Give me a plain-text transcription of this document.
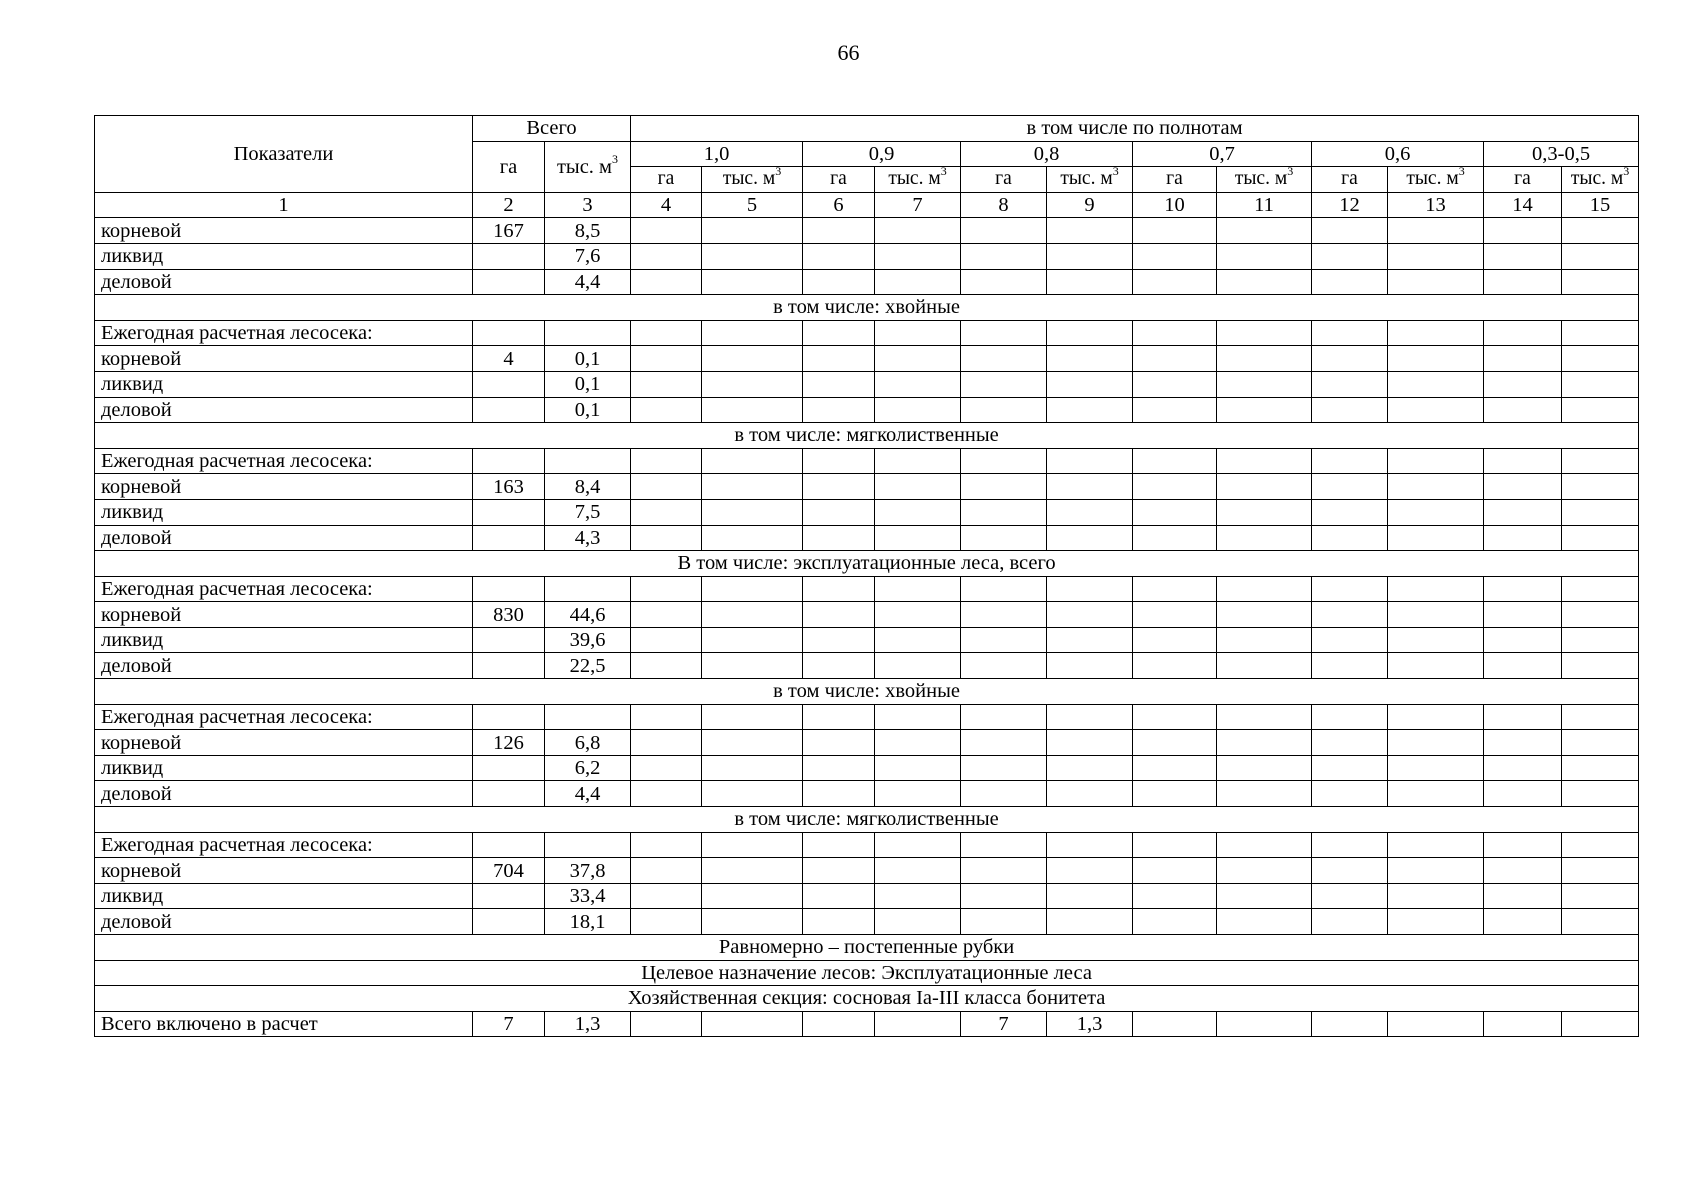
66
Показатели	Всего		в том числе по полнотам											
	га	тыс. $м^3$	1,0		0,9		0,8		0,7		0,6		0,3-0,5	
			га	тыс. $м^3$	га	тыс. $м^3$	га	тыс. $м^3$	га	тыс. $м^3$	га	тыс. $м^3$	га	тыс. $м^3$
1	2	3	4	5	6	7	8	9	10	11	12	13	14	15
корневой	167	8,5												
ликвид		7,6												
деловой		4,4												
в том числе: хвойные														
Ежегодная расчетная лесосека:														
корневой	4	0,1												
ликвид		0,1												
деловой		0,1												
в том числе: мягколиственные														
Ежегодная расчетная лесосека:														
корневой	163	8,4												
ликвид		7,5												
деловой		4,3												
В том числе: эксплуатационные леса, всего														
Ежегодная расчетная лесосека:														
корневой	830	44,6												
ликвид		39,6												
деловой		22,5												
в том числе: хвойные														
Ежегодная расчетная лесосека:														
корневой	126	6,8												
ликвид		6,2												
деловой		4,4												
в том числе: мягколиственные														
Ежегодная расчетная лесосека:														
корневой	704	37,8												
ликвид		33,4												
деловой		18,1												
Равномерно – постепенные рубки														
Целевое назначение лесов: Эксплуатационные леса														
Хозяйственная секция: сосновая Ia-III класса бонитета														
Всего включено в расчет	7	1,3					7	1,3						
